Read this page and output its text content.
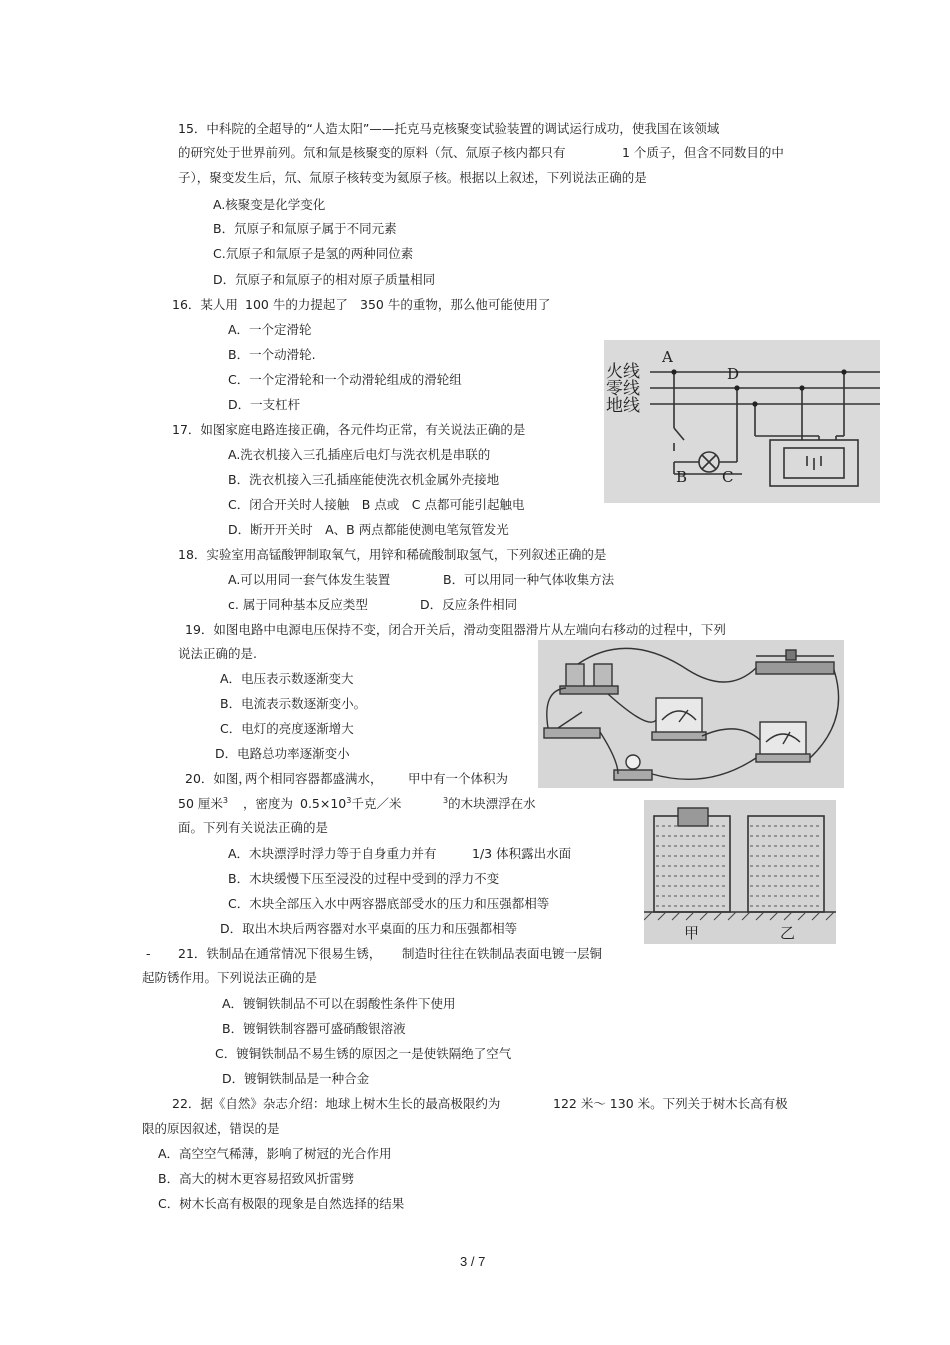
15．中科院的全超导的“人造太阳”——托克马克核聚变试验装置的调试运行成功，使我国在该领域
的研究处于世界前列。氘和氚是核聚变的原料（氘、氚原子核内都只有	1 个质子，但含不同数目的中
子），聚变发生后，氘、氚原子核转变为氦原子核。根据以上叙述，下列说法正确的是
A.核聚变是化学变化
B．氘原子和氚原子属于不同元素
C.氘原子和氚原子是氢的两种同位素
D．氘原子和氚原子的相对原子质量相同
16．某人用 100 牛的力提起了 350 牛的重物，那么他可能使用了
A．一个定滑轮
B．一个动滑轮.
C．一个定滑轮和一个动滑轮组成的滑轮组
D．一支杠杆
17．如图家庭电路连接正确，各元件均正常，有关说法正确的是
A.洗衣机接入三孔插座后电灯与洗衣机是串联的
B．洗衣机接入三孔插座能使洗衣机金属外壳接地
C．闭合开关时人接触　B 点或　C 点都可能引起触电
D．断开开关时　A、B 两点都能使测电笔氖管发光
火线
零线
地线
A
D
B C
18．实验室用高锰酸钾制取氧气，用锌和稀硫酸制取氢气，下列叙述正确的是
A.可以用同一套气体发生装置	B．可以用同一种气体收集方法
c. 属于同种基本反应类型	D．反应条件相同
19．如图电路中电源电压保持不变，闭合开关后，滑动变阻器滑片从左端向右移动的过程中，下列
说法正确的是.
A．电压表示数逐渐变大
B．电流表示数逐渐变小。
C．电灯的亮度逐渐增大
D．电路总功率逐渐变小
20．如图，
两个相同容器都盛满水， 甲中有一个体积为
50 厘米$^3$ ，密度为 $0.5\times 10^3$千克／米	$^3$的木块漂浮在水
面。下列有关说法正确的是
A．木块漂浮时浮力等于自身重力并有	1/3 体积露出水面
B．木块缓慢下压至浸没的过程中受到的浮力不变
C．木块全部压入水中两容器底部受水的压力和压强都相等
D．取出木块后两容器对水平桌面的压力和压强都相等	甲	乙
- 21．铁制品在通常情况下很易生锈， 制造时往往在铁制品表面电镀一层铜
起防锈作用。下列说法正确的是
A．镀铜铁制品不可以在弱酸性条件下使用
B．镀铜铁制容器可盛硝酸银溶液
C．镀铜铁制品不易生锈的原因之一是使铁隔绝了空气
D．镀铜铁制品是一种合金
22．据《自然》杂志介绍：地球上树木生长的最高极限约为	122 米～ 130 米。下列关于树木长高有极
限的原因叙述，错误的是
A．高空空气稀薄，影响了树冠的光合作用
B．高大的树木更容易招致风折雷劈
C．树木长高有极限的现象是自然选择的结果
3 / 7
